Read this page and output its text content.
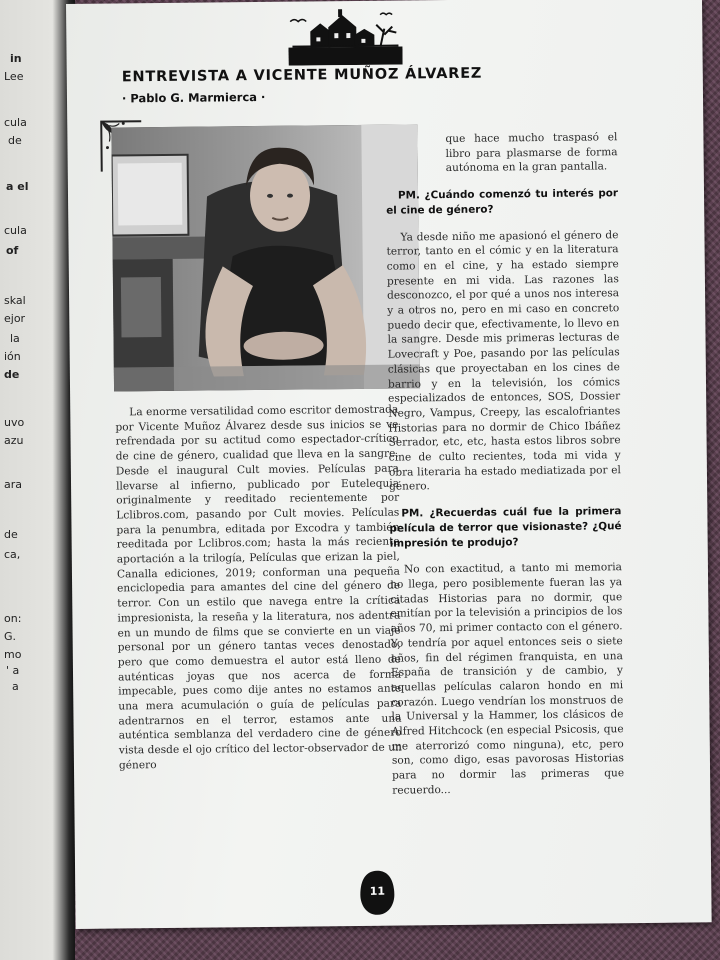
in
Lee
cula
de
a el
cula
of
skal
ejor
la
ión
de
uvo
azu
ara
de
ca,
on:
G.
mo
' a
a
ENTREVISTA A VICENTE MUÑOZ ÁLVAREZ
· Pablo G. Marmierca ·

La enorme versatilidad como escritor demostrada por Vicente Muñoz Álvarez desde sus inicios se ve refrendada por su actitud como espectador-crítico de cine de género, cualidad que lleva en la sangre. Desde el inaugural Cult movies. Películas para llevarse al infierno, publicado por Eutelequia originalmente y reeditado recientemente por Lclibros.com, pasando por Cult movies. Películas para la penumbra, editada por Excodra y también reeditada por Lclibros.com; hasta la más reciente aportación a la trilogía, Películas que erizan la piel, Canalla ediciones, 2019; conforman una pequeña enciclopedia para amantes del cine del género de terror. Con un estilo que navega entre la crítica impresionista, la reseña y la literatura, nos adentra en un mundo de films que se convierte en un viaje personal por un género tantas veces denostado, pero que como demuestra el autor está lleno de auténticas joyas que nos acerca de forma impecable, pues como dije antes no estamos ante una mera acumulación o guía de películas para adentrarnos en el terror, estamos ante una auténtica semblanza del verdadero cine de género vista desde el ojo crítico del lector-observador de un género

que hace mucho traspasó el libro para plasmarse de forma autónoma en la gran pantalla.

PM. ¿Cuándo comenzó tu interés por el cine de género?

Ya desde niño me apasionó el género de terror, tanto en el cómic y en la literatura como en el cine, y ha estado siempre presente en mi vida. Las razones las desconozco, el por qué a unos nos interesa y a otros no, pero en mi caso en concreto puedo decir que, efectivamente, lo llevo en la sangre. Desde mis primeras lecturas de Lovecraft y Poe, pasando por las películas clásicas que proyectaban en los cines de barrio y en la televisión, los cómics especializados de entonces, SOS, Dossier Negro, Vampus, Creepy, las escalofriantes Historias para no dormir de Chico Ibáñez Serrador, etc, etc, hasta estos libros sobre cine de culto recientes, toda mi vida y obra literaria ha estado mediatizada por el género.

PM. ¿Recuerdas cuál fue la primera película de terror que visionaste? ¿Qué impresión te produjo?

No con exactitud, a tanto mi memoria no llega, pero posiblemente fueran las ya citadas Historias para no dormir, que emitían por la televisión a principios de los años 70, mi primer contacto con el género. Yo tendría por aquel entonces seis o siete años, fin del régimen franquista, en una España de transición y de cambio, y aquellas películas calaron hondo en mi corazón. Luego vendrían los monstruos de la Universal y la Hammer, los clásicos de Alfred Hitchcock (en especial Psicosis, que me aterrorizó como ninguna), etc, pero son, como digo, esas pavorosas Historias para no dormir las primeras que recuerdo...

11
